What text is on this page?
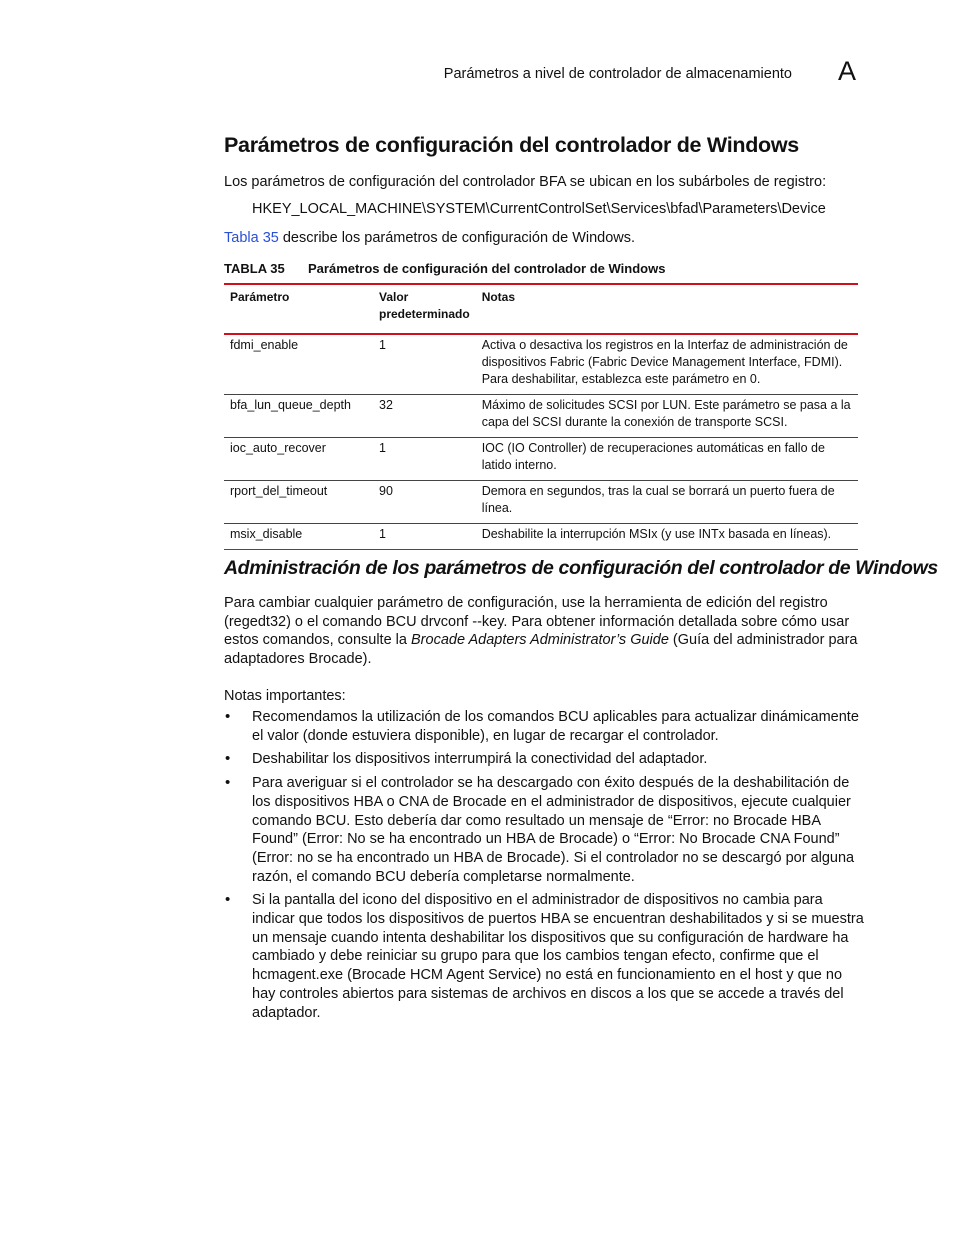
Parámetros a nivel de controlador de almacenamiento A
Parámetros de configuración del controlador de Windows
Los parámetros de configuración del controlador BFA se ubican en los subárboles de registro:
HKEY_LOCAL_MACHINE\SYSTEM\CurrentControlSet\Services\bfad\Parameters\Device
Tabla 35 describe los parámetros de configuración de Windows.
TABLA 35 Parámetros de configuración del controlador de Windows
Parámetro	Valor predeterminado	Notas
fdmi_enable	1	Activa o desactiva los registros en la Interfaz de administración de dispositivos Fabric (Fabric Device Management Interface, FDMI). Para deshabilitar, establezca este parámetro en 0.
bfa_lun_queue_depth	32	Máximo de solicitudes SCSI por LUN. Este parámetro se pasa a la capa del SCSI durante la conexión de transporte SCSI.
ioc_auto_recover	1	IOC (IO Controller) de recuperaciones automáticas en fallo de latido interno.
rport_del_timeout	90	Demora en segundos, tras la cual se borrará un puerto fuera de línea.
msix_disable	1	Deshabilite la interrupción MSIx (y use INTx basada en líneas).
Administración de los parámetros de configuración del controlador de Windows
Para cambiar cualquier parámetro de configuración, use la herramienta de edición del registro (regedt32) o el comando BCU drvconf --key. Para obtener información detallada sobre cómo usar estos comandos, consulte la Brocade Adapters Administrator’s Guide (Guía del administrador para adaptadores Brocade).
Notas importantes:
• Recomendamos la utilización de los comandos BCU aplicables para actualizar dinámicamente el valor (donde estuviera disponible), en lugar de recargar el controlador.
• Deshabilitar los dispositivos interrumpirá la conectividad del adaptador.
• Para averiguar si el controlador se ha descargado con éxito después de la deshabilitación de los dispositivos HBA o CNA de Brocade en el administrador de dispositivos, ejecute cualquier comando BCU. Esto debería dar como resultado un mensaje de “Error: no Brocade HBA Found” (Error: No se ha encontrado un HBA de Brocade) o “Error: No Brocade CNA Found” (Error: no se ha encontrado un HBA de Brocade). Si el controlador no se descargó por alguna razón, el comando BCU debería completarse normalmente.
• Si la pantalla del icono del dispositivo en el administrador de dispositivos no cambia para indicar que todos los dispositivos de puertos HBA se encuentran deshabilitados y si se muestra un mensaje cuando intenta deshabilitar los dispositivos que su configuración de hardware ha cambiado y debe reiniciar su grupo para que los cambios tengan efecto, confirme que el hcmagent.exe (Brocade HCM Agent Service) no está en funcionamiento en el host y que no hay controles abiertos para sistemas de archivos en discos a los que se accede a través del adaptador.
